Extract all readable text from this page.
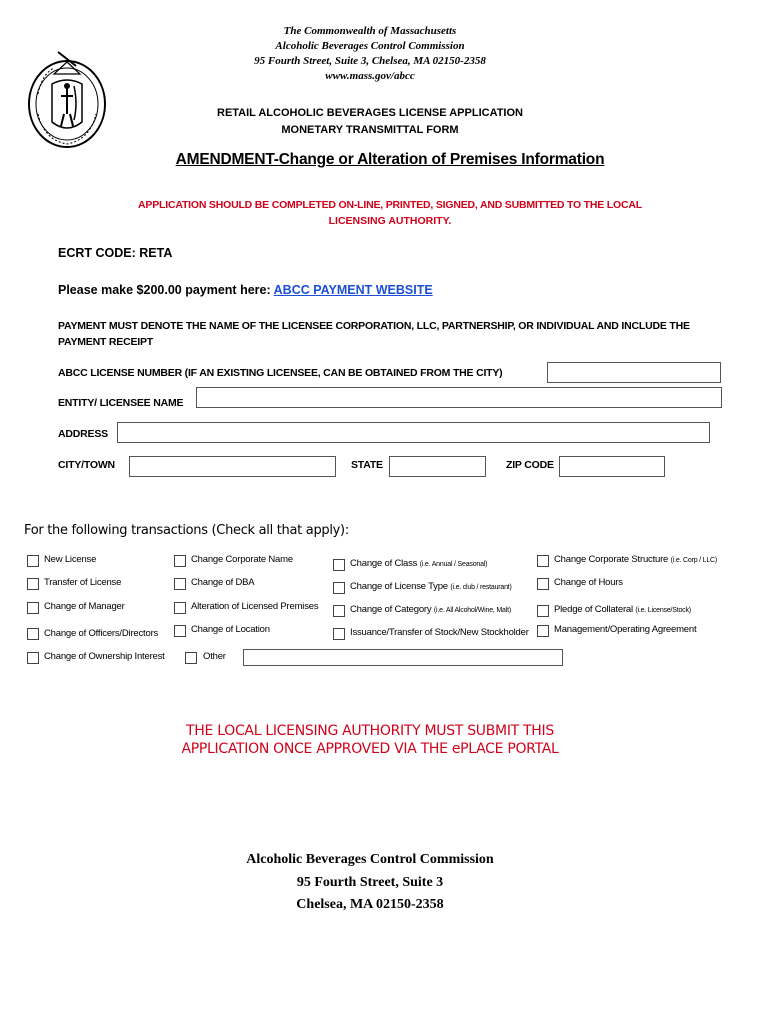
The Commonwealth of Massachusetts
Alcoholic Beverages Control Commission
95 Fourth Street, Suite 3, Chelsea, MA 02150-2358
www.mass.gov/abcc
RETAIL ALCOHOLIC BEVERAGES LICENSE APPLICATION
MONETARY TRANSMITTAL FORM
AMENDMENT-Change or Alteration of Premises Information
APPLICATION SHOULD BE COMPLETED ON-LINE, PRINTED, SIGNED, AND SUBMITTED TO THE LOCAL
LICENSING AUTHORITY.
ECRT CODE: RETA
Please make $200.00 payment here: ABCC PAYMENT WEBSITE
PAYMENT MUST DENOTE THE NAME OF THE LICENSEE CORPORATION, LLC, PARTNERSHIP, OR INDIVIDUAL AND INCLUDE THE
PAYMENT RECEIPT
ABCC LICENSE NUMBER (IF AN EXISTING LICENSEE, CAN BE OBTAINED FROM THE CITY)
ENTITY/ LICENSEE NAME
ADDRESS
CITY/TOWN	STATE	ZIP CODE
For the following transactions (Check all that apply):
New License
Transfer of License
Change of Manager
Change of Officers/Directors
Change of Ownership Interest
Change Corporate Name
Change of DBA
Alteration of Licensed Premises
Change of Location
Other
Change of Class (i.e. Annual / Seasonal)
Change of License Type (i.e. club / restaurant)
Change of Category (i.e. All Alcohol/Wine, Malt)
Issuance/Transfer of Stock/New Stockholder
Change Corporate Structure (i.e. Corp / LLC)
Change of Hours
Pledge of Collateral (i.e. License/Stock)
Management/Operating Agreement
THE LOCAL LICENSING AUTHORITY MUST SUBMIT THIS
APPLICATION ONCE APPROVED VIA THE ePLACE PORTAL
Alcoholic Beverages Control Commission
95 Fourth Street, Suite 3
Chelsea, MA 02150-2358
